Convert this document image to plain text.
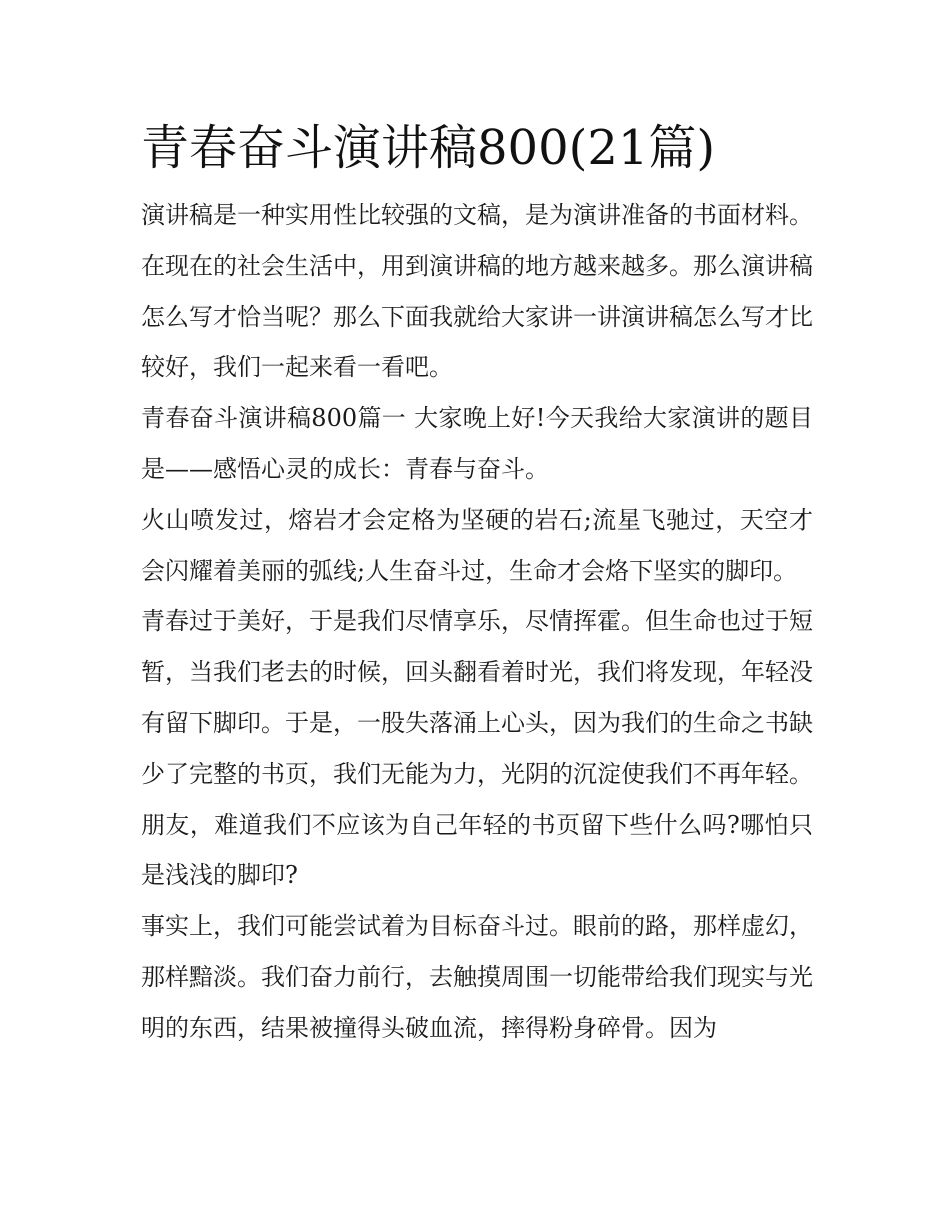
青春奋斗演讲稿800(21篇)

演讲稿是一种实用性比较强的文稿，是为演讲准备的书面材料。在现在的社会生活中，用到演讲稿的地方越来越多。那么演讲稿怎么写才恰当呢？那么下面我就给大家讲一讲演讲稿怎么写才比较好，我们一起来看一看吧。

青春奋斗演讲稿800篇一 大家晚上好!今天我给大家演讲的题目是——感悟心灵的成长：青春与奋斗。

火山喷发过，熔岩才会定格为坚硬的岩石;流星飞驰过，天空才会闪耀着美丽的弧线;人生奋斗过，生命才会烙下坚实的脚印。

青春过于美好，于是我们尽情享乐，尽情挥霍。但生命也过于短暂，当我们老去的时候，回头翻看着时光，我们将发现，年轻没有留下脚印。于是，一股失落涌上心头，因为我们的生命之书缺少了完整的书页，我们无能为力，光阴的沉淀使我们不再年轻。朋友，难道我们不应该为自己年轻的书页留下些什么吗?哪怕只是浅浅的脚印?

事实上，我们可能尝试着为目标奋斗过。眼前的路，那样虚幻，那样黯淡。我们奋力前行，去触摸周围一切能带给我们现实与光明的东西，结果被撞得头破血流，摔得粉身碎骨。因为
